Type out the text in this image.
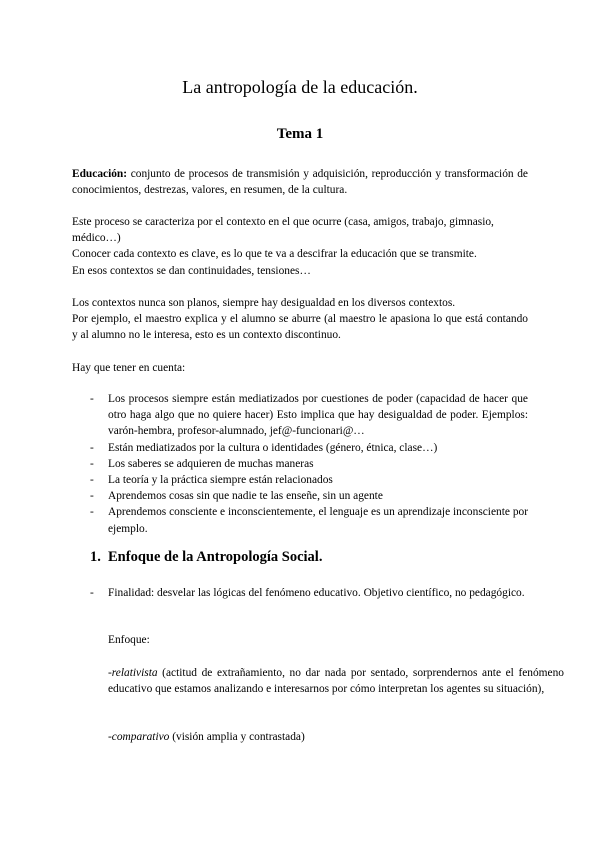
La antropología de la educación.
Tema 1

Educación: conjunto de procesos de transmisión y adquisición, reproducción y transformación de conocimientos, destrezas, valores, en resumen, de la cultura.

Este proceso se caracteriza por el contexto en el que ocurre (casa, amigos, trabajo, gimnasio, médico…)

Conocer cada contexto es clave, es lo que te va a descifrar la educación que se transmite.

En esos contextos se dan continuidades, tensiones…

Los contextos nunca son planos, siempre hay desigualdad en los diversos contextos.

Por ejemplo, el maestro explica y el alumno se aburre (al maestro le apasiona lo que está contando y al alumno no le interesa, esto es un contexto discontinuo.

Hay que tener en cuenta:

- Los procesos siempre están mediatizados por cuestiones de poder (capacidad de hacer que otro haga algo que no quiere hacer) Esto implica que hay desigualdad de poder. Ejemplos: varón-hembra, profesor-alumnado, jef@-funcionari@…
- Están mediatizados por la cultura o identidades (género, étnica, clase…)
- Los saberes se adquieren de muchas maneras
- La teoría y la práctica siempre están relacionados
- Aprendemos cosas sin que nadie te las enseñe, sin un agente
- Aprendemos consciente e inconscientemente, el lenguaje es un aprendizaje inconsciente por ejemplo.
1. Enfoque de la Antropología Social.
- Finalidad: desvelar las lógicas del fenómeno educativo. Objetivo científico, no pedagógico.

Enfoque:

-relativista (actitud de extrañamiento, no dar nada por sentado, sorprendernos ante el fenómeno educativo que estamos analizando e interesarnos por cómo interpretan los agentes su situación),

-comparativo (visión amplia y contrastada)
